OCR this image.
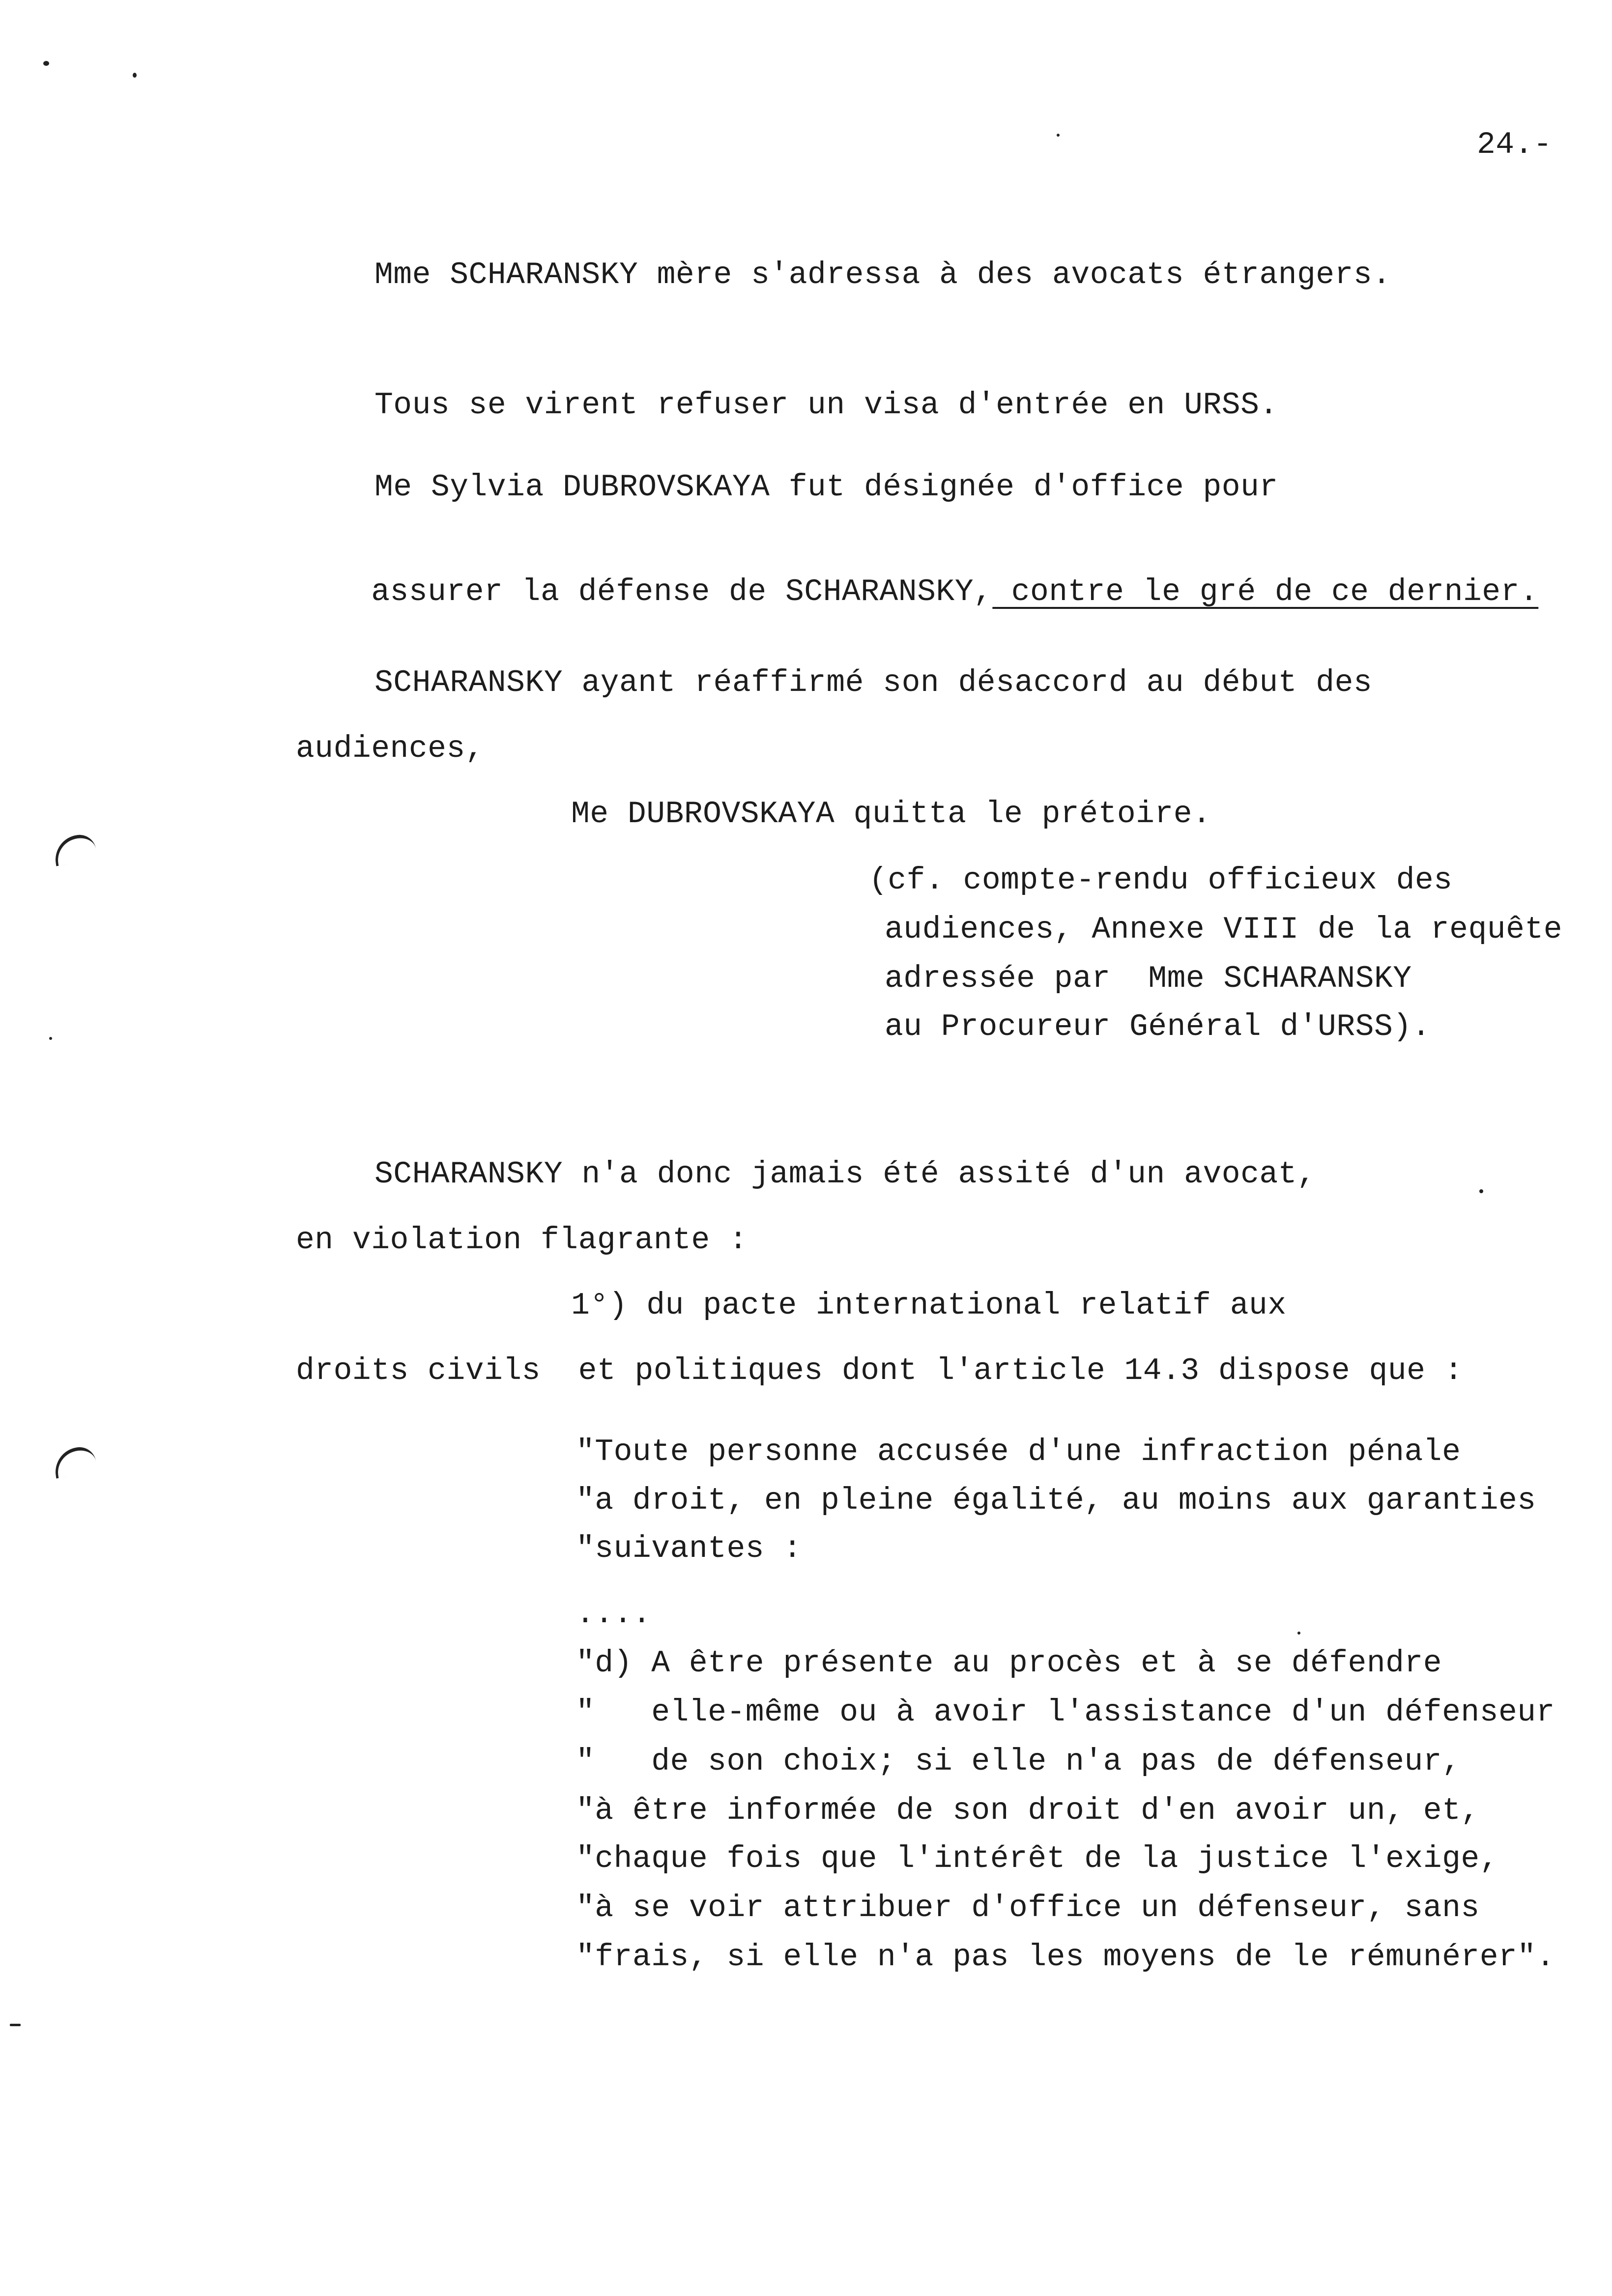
24.-
Mme SCHARANSKY mère s'adressa à des avocats étrangers.
Tous se virent refuser un visa d'entrée en URSS.
Me Sylvia DUBROVSKAYA fut désignée d'office pour

assurer la défense de SCHARANSKY, contre le gré de ce dernier.

SCHARANSKY ayant réaffirmé son désaccord au début des
audiences,
Me DUBROVSKAYA quitta le prétoire.
(cf. compte-rendu officieux des
audiences, Annexe VIII de la requête
adressée par  Mme SCHARANSKY
au Procureur Général d'URSS).
SCHARANSKY n'a donc jamais été assité d'un avocat,
en violation flagrante :
1°) du pacte international relatif aux
droits civils  et politiques dont l'article 14.3 dispose que :
"Toute personne accusée d'une infraction pénale
"a droit, en pleine égalité, au moins aux garanties
"suivantes :
....
"d) A être présente au procès et à se défendre
"   elle-même ou à avoir l'assistance d'un défenseur
"   de son choix; si elle n'a pas de défenseur,
"à être informée de son droit d'en avoir un, et,
"chaque fois que l'intérêt de la justice l'exige,
"à se voir attribuer d'office un défenseur, sans
"frais, si elle n'a pas les moyens de le rémunérer".
